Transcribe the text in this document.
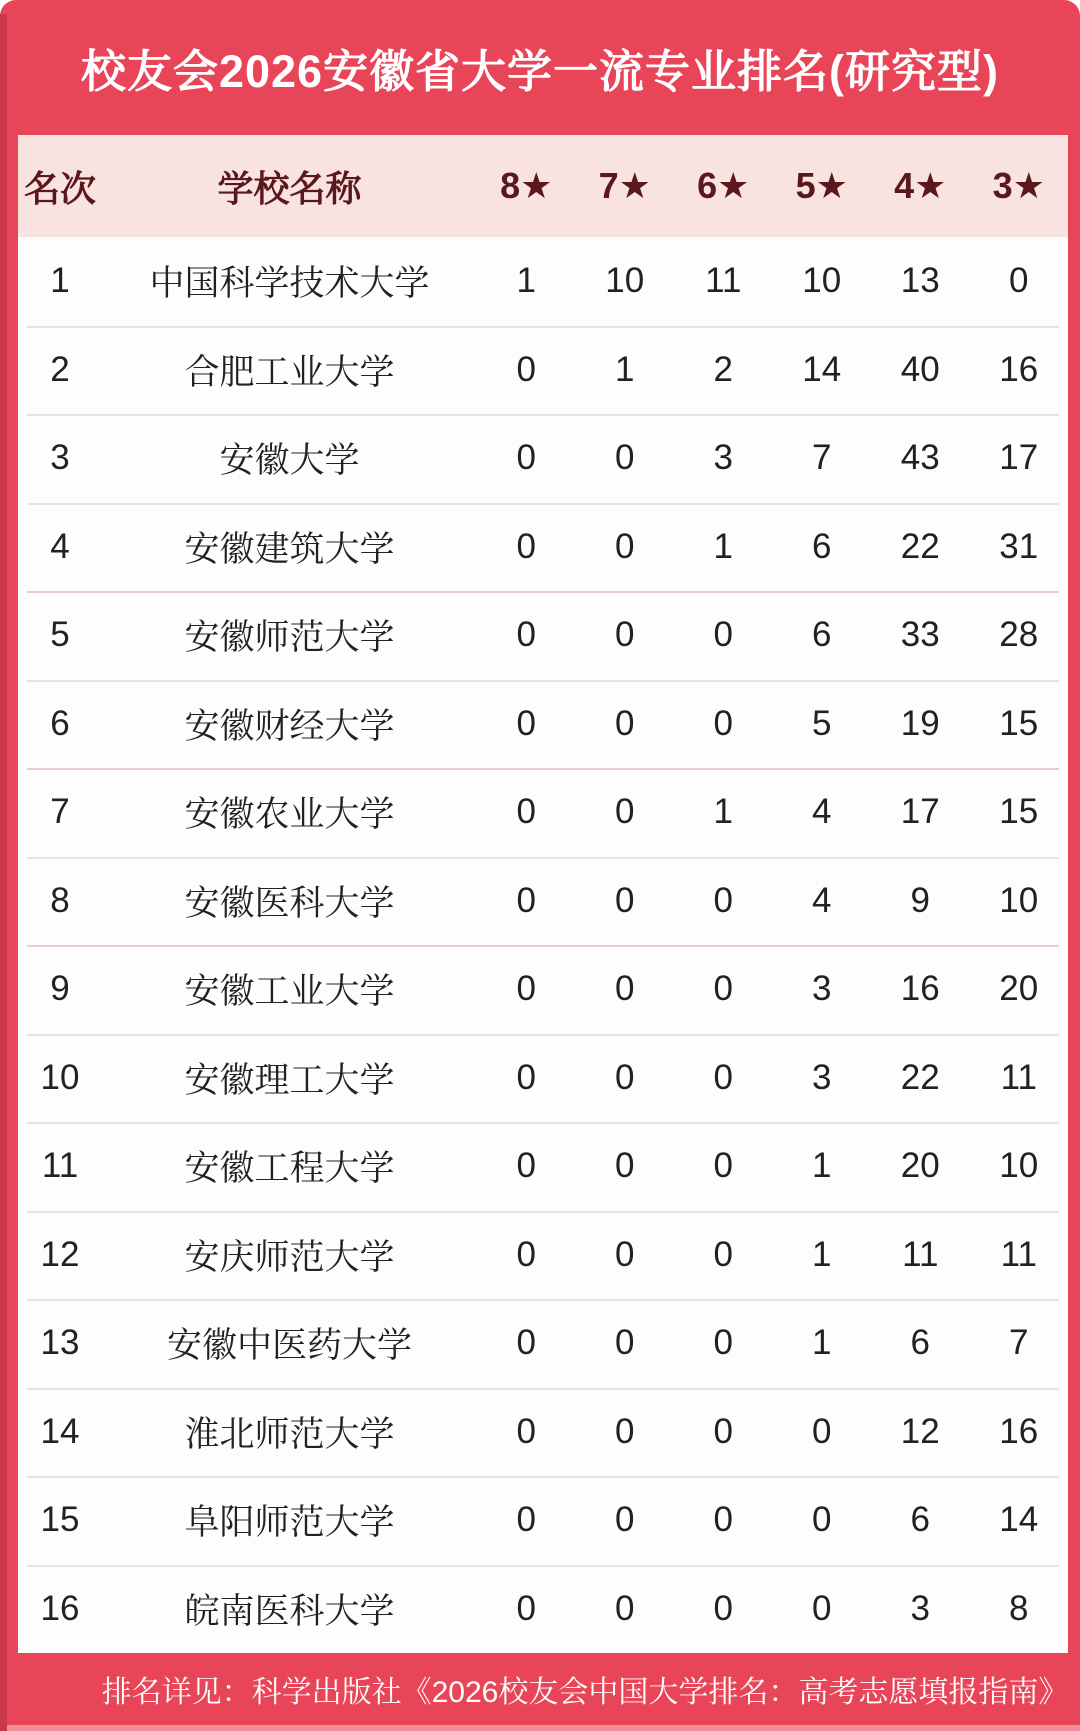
校友会2026安徽省大学一流专业排名(研究型)
名次	学校名称	8★	7★	6★	5★	4★	3★
1	中国科学技术大学	1	10	11	10	13	0
2	合肥工业大学	0	1	2	14	40	16
3	安徽大学	0	0	3	7	43	17
4	安徽建筑大学	0	0	1	6	22	31
5	安徽师范大学	0	0	0	6	33	28
6	安徽财经大学	0	0	0	5	19	15
7	安徽农业大学	0	0	1	4	17	15
8	安徽医科大学	0	0	0	4	9	10
9	安徽工业大学	0	0	0	3	16	20
10	安徽理工大学	0	0	0	3	22	11
11	安徽工程大学	0	0	0	1	20	10
12	安庆师范大学	0	0	0	1	11	11
13	安徽中医药大学	0	0	0	1	6	7
14	淮北师范大学	0	0	0	0	12	16
15	阜阳师范大学	0	0	0	0	6	14
16	皖南医科大学	0	0	0	0	3	8
排名详见：科学出版社《2026校友会中国大学排名：高考志愿填报指南》
